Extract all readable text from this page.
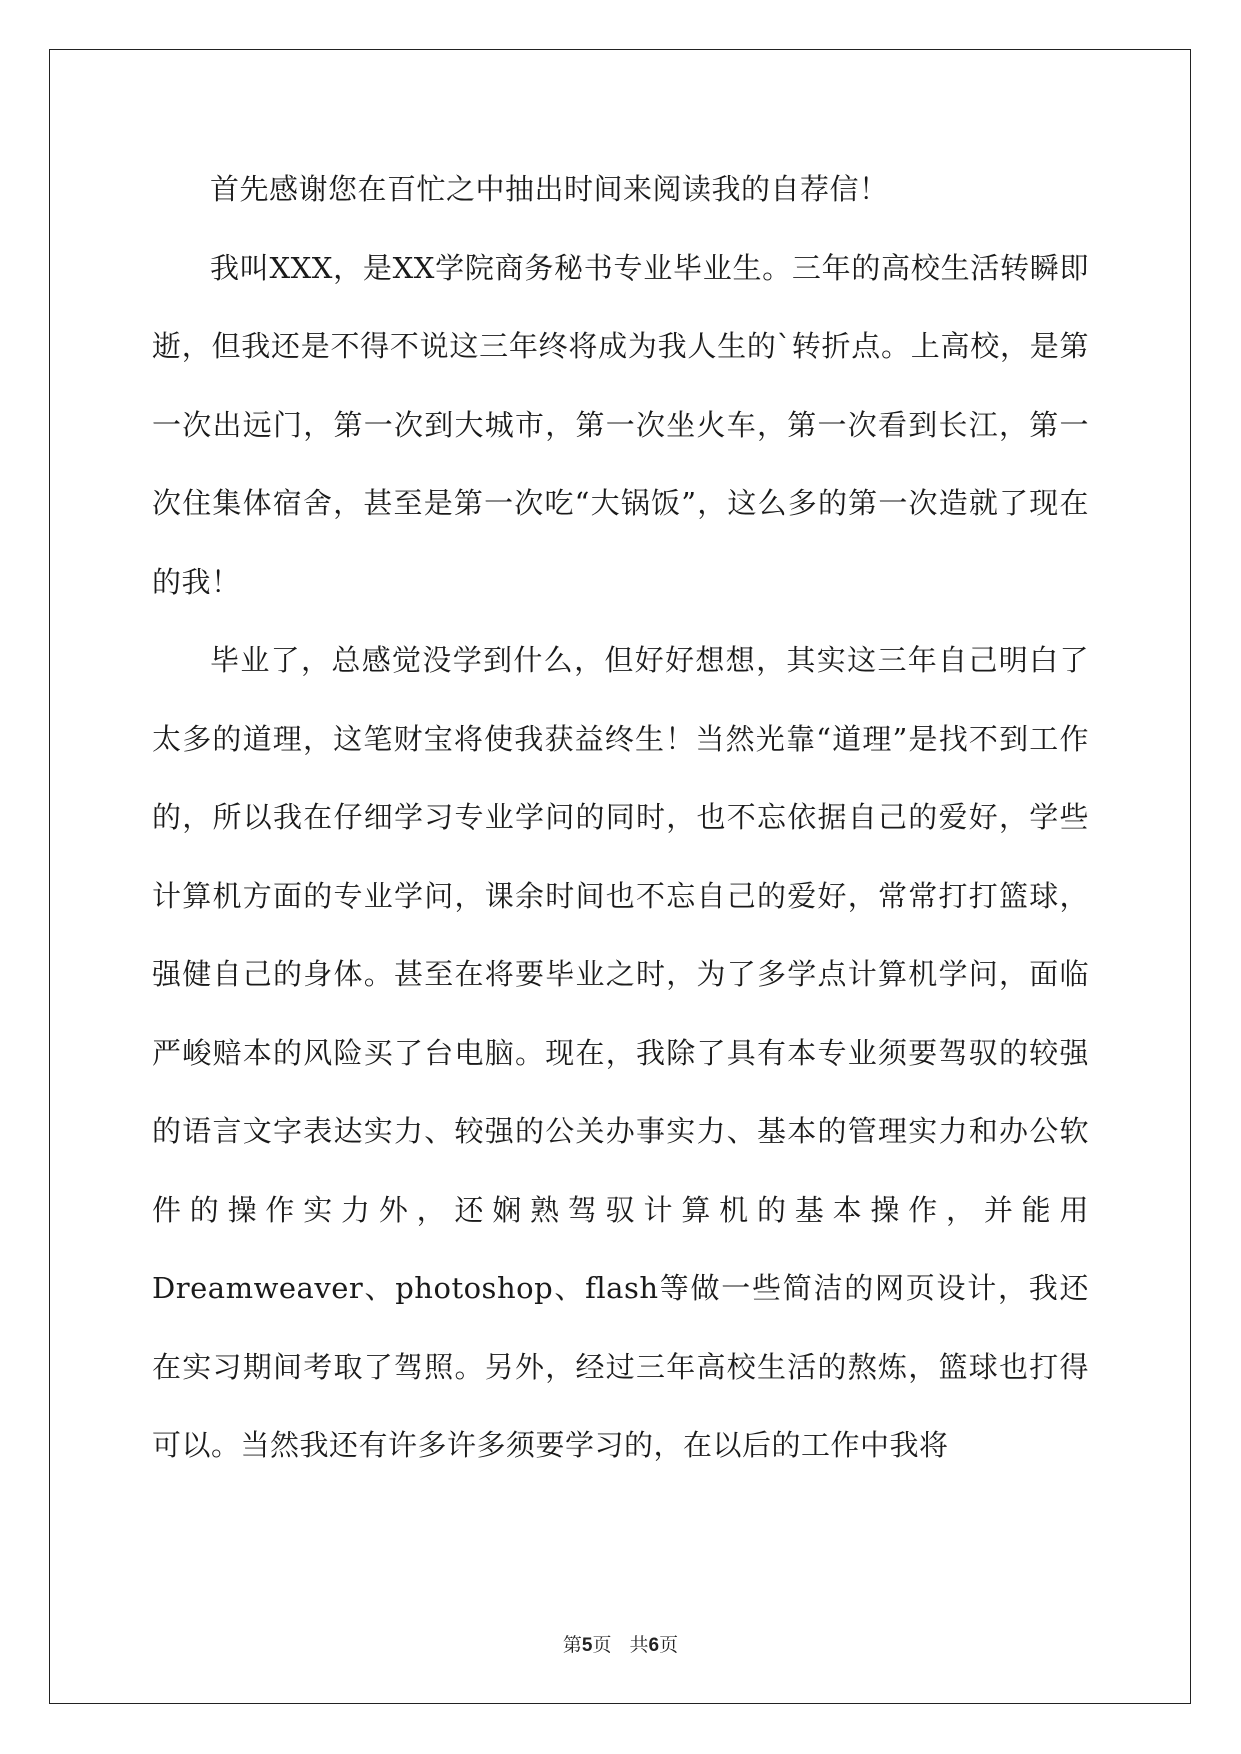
首先感谢您在百忙之中抽出时间来阅读我的自荐信！

我叫XXX，是XX学院商务秘书专业毕业生。三年的高校生活转瞬即逝，但我还是不得不说这三年终将成为我人生的`转折点。上高校，是第一次出远门，第一次到大城市，第一次坐火车，第一次看到长江，第一次住集体宿舍，甚至是第一次吃“大锅饭”，这么多的第一次造就了现在的我！

毕业了，总感觉没学到什么，但好好想想，其实这三年自己明白了太多的道理，这笔财宝将使我获益终生！当然光靠“道理”是找不到工作的，所以我在仔细学习专业学问的同时，也不忘依据自己的爱好，学些计算机方面的专业学问，课余时间也不忘自己的爱好，常常打打篮球，强健自己的身体。甚至在将要毕业之时，为了多学点计算机学问，面临严峻赔本的风险买了台电脑。现在，我除了具有本专业须要驾驭的较强的语言文字表达实力、较强的公关办事实力、基本的管理实力和办公软件的操作实力外，还娴熟驾驭计算机的基本操作，并能用Dreamweaver、photoshop、flash等做一些简洁的网页设计，我还在实习期间考取了驾照。另外，经过三年高校生活的熬炼，篮球也打得可以。当然我还有许多许多须要学习的，在以后的工作中我将

第5页 共6页
